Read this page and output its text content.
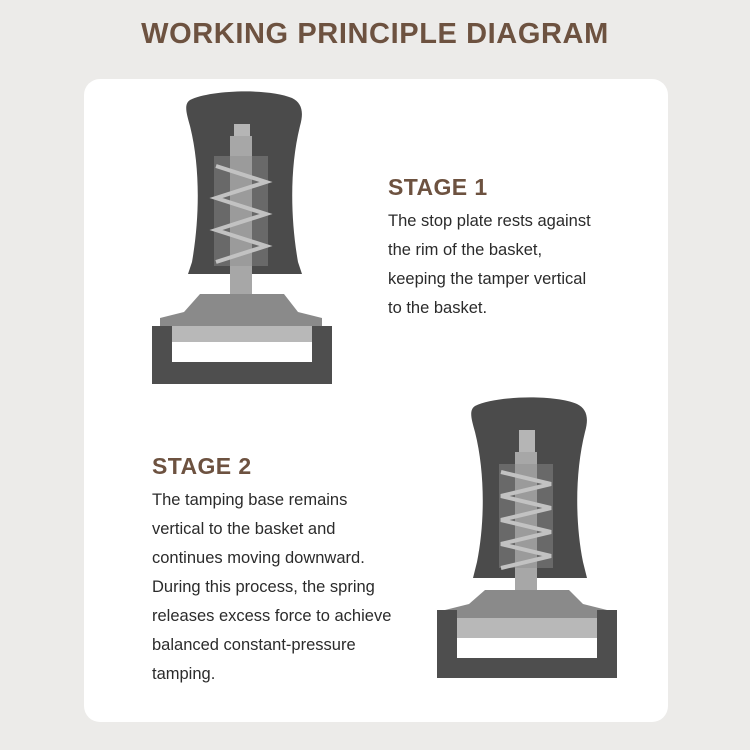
WORKING PRINCIPLE DIAGRAM
STAGE 1
The stop plate rests against
the rim of the basket,
keeping the tamper vertical
to the basket.
STAGE 2
The tamping base remains
vertical to the basket and
continues moving downward.
During this process, the spring
releases excess force to achieve
balanced constant-pressure
tamping.
